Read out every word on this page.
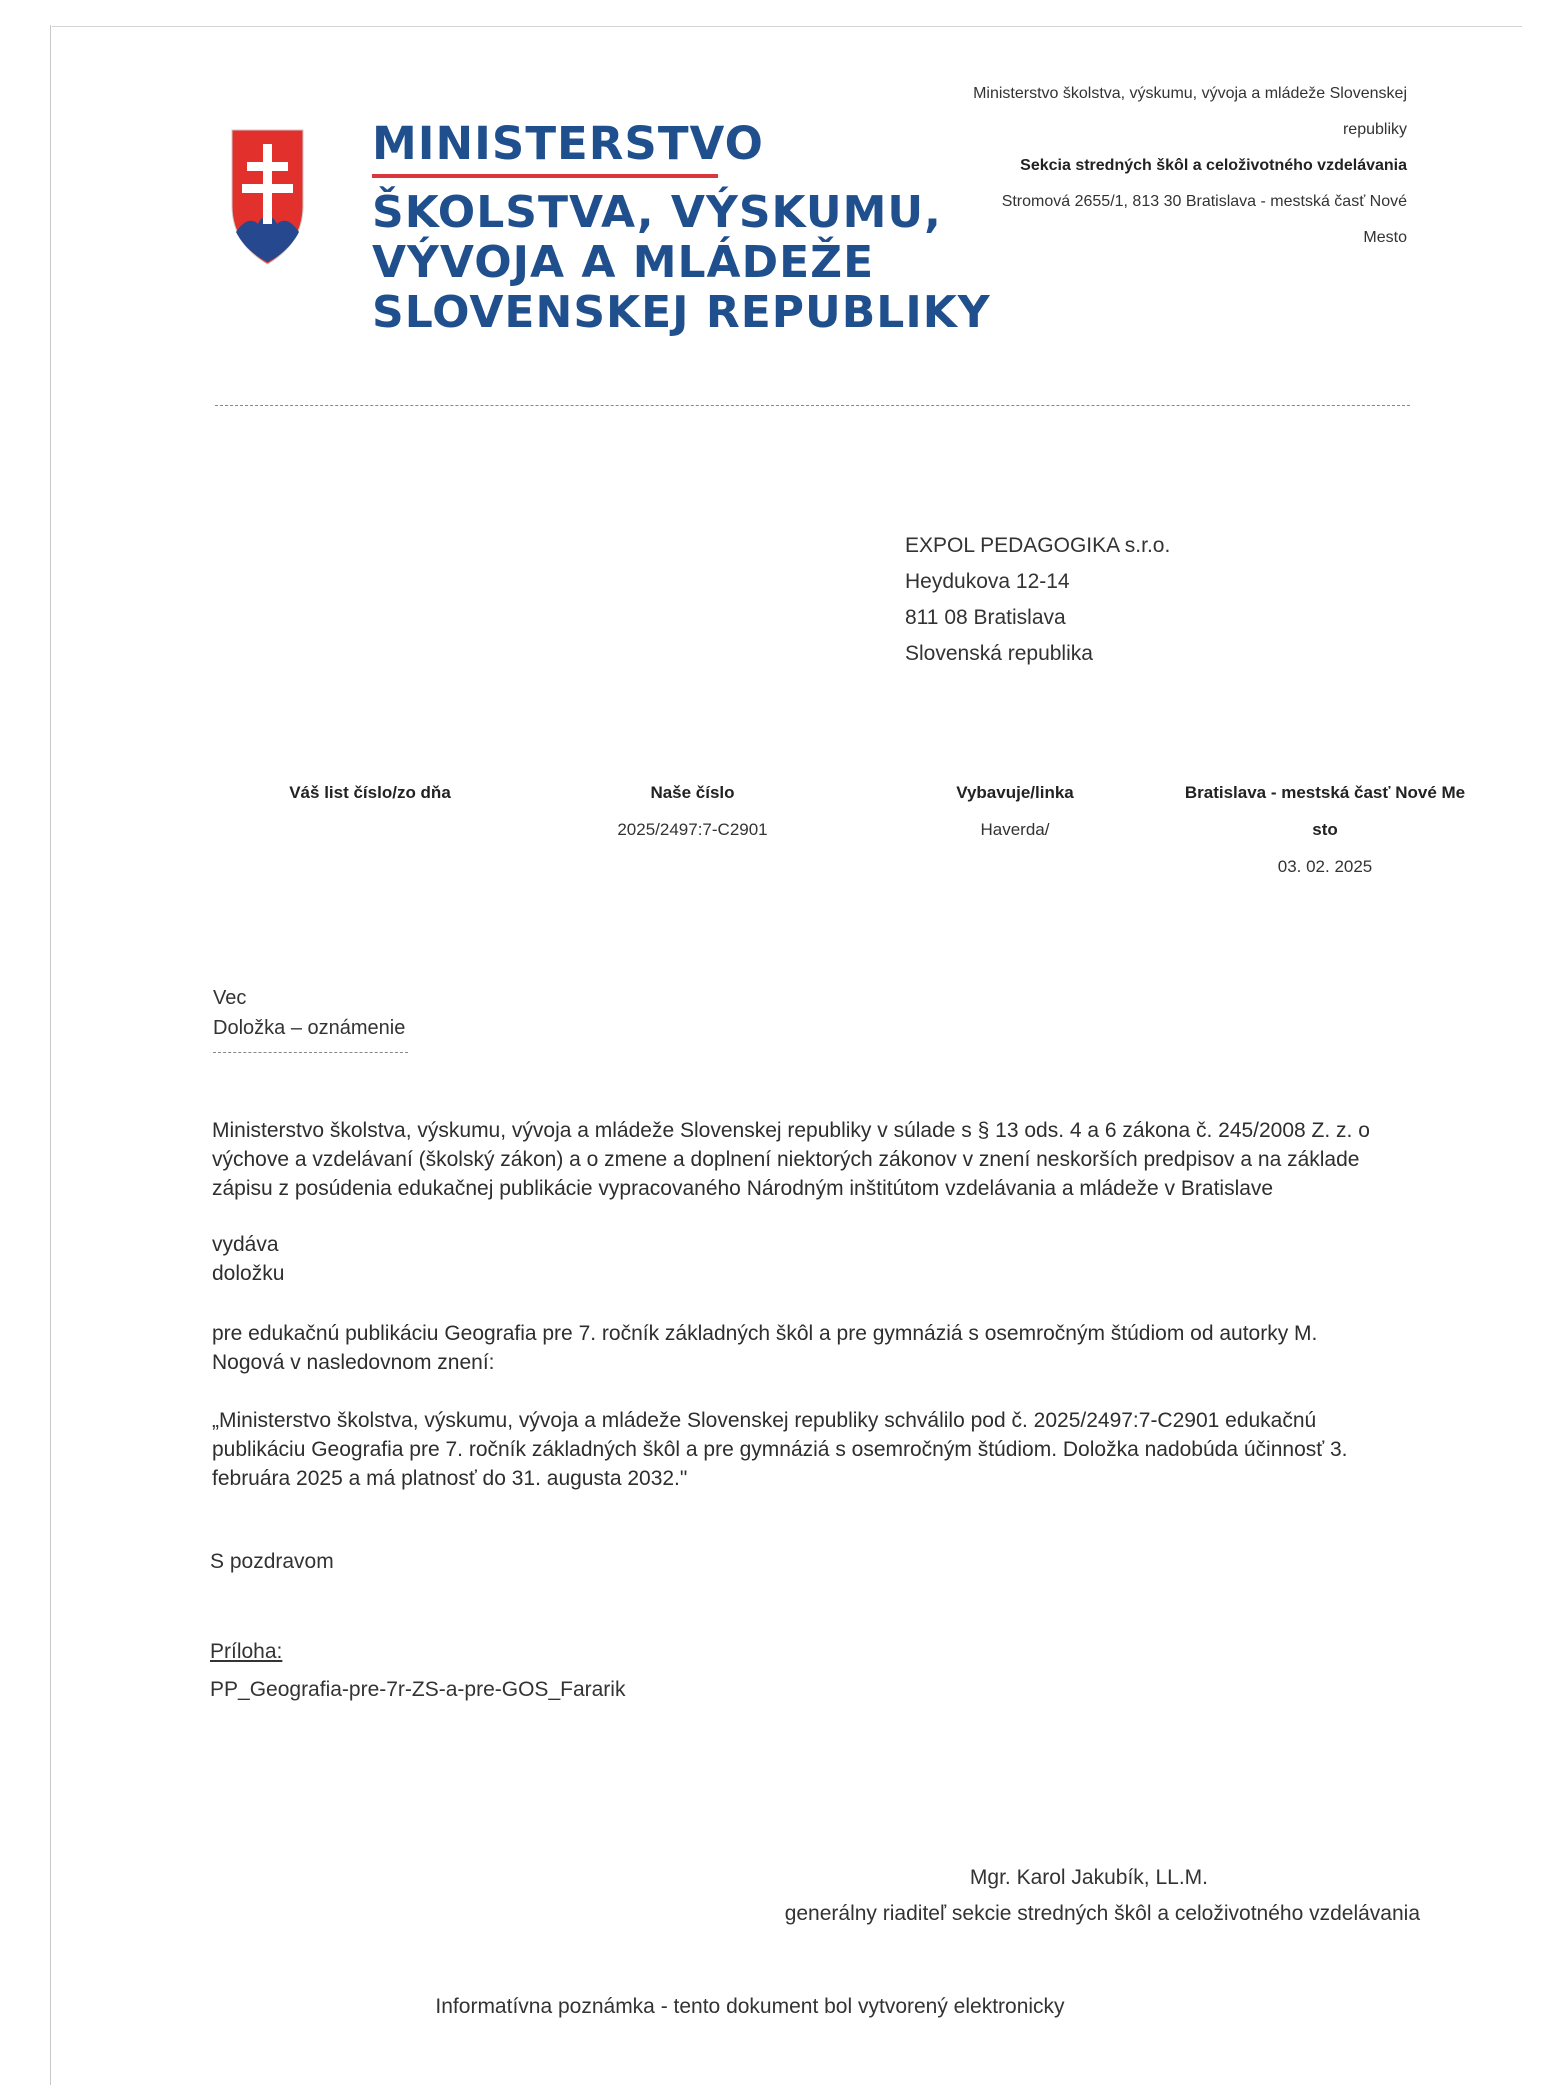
MINISTERSTVO
ŠKOLSTVA, VÝSKUMU,
VÝVOJA A MLÁDEŽE
SLOVENSKEJ REPUBLIKY
Ministerstvo školstva, výskumu, vývoja a mládeže Slovenskej
republiky
Sekcia stredných škôl a celoživotného vzdelávania
Stromová 2655/1, 813 30 Bratislava - mestská časť Nové
Mesto
EXPOL PEDAGOGIKA s.r.o.
Heydukova 12-14
811 08 Bratislava
Slovenská republika
Váš list číslo/zo dňa	Naše číslo
2025/2497:7-C2901
Vybavuje/linka
Haverda/
Bratislava - mestská časť Nové Me
sto
03. 02. 2025
Vec
Doložka – oznámenie
Ministerstvo školstva, výskumu, vývoja a mládeže Slovenskej republiky v súlade s § 13 ods. 4 a 6 zákona č. 245/2008 Z. z. o
výchove a vzdelávaní (školský zákon) a o zmene a doplnení niektorých zákonov v znení neskorších predpisov a na základe
zápisu z posúdenia edukačnej publikácie vypracovaného Národným inštitútom vzdelávania a mládeže v Bratislave
vydáva
doložku
pre edukačnú publikáciu Geografia pre 7. ročník základných škôl a pre gymnáziá s osemročným štúdiom od autorky M.
Nogová v nasledovnom znení:
„Ministerstvo školstva, výskumu, vývoja a mládeže Slovenskej republiky schválilo pod č. 2025/2497:7-C2901 edukačnú
publikáciu Geografia pre 7. ročník základných škôl a pre gymnáziá s osemročným štúdiom. Doložka nadobúda účinnosť 3.
februára 2025 a má platnosť do 31. augusta 2032."
S pozdravom
Príloha:
PP_Geografia-pre-7r-ZS-a-pre-GOS_Fararik
Mgr. Karol Jakubík, LL.M.
generálny riaditeľ sekcie stredných škôl a celoživotného vzdelávania
Informatívna poznámka - tento dokument bol vytvorený elektronicky
